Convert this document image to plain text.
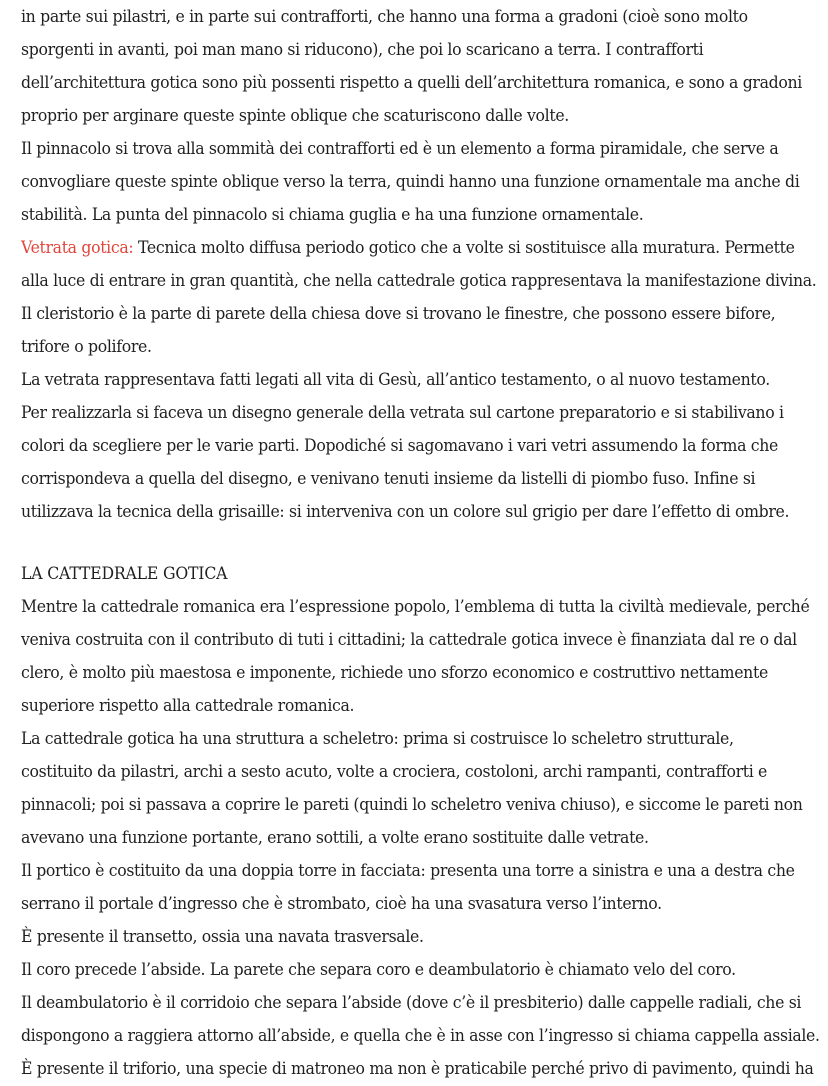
in parte sui pilastri, e in parte sui contrafforti, che hanno una forma a gradoni (cioè sono molto
sporgenti in avanti, poi man mano si riducono), che poi lo scaricano a terra. I contrafforti
dell’architettura gotica sono più possenti rispetto a quelli dell’architettura romanica, e sono a gradoni
proprio per arginare queste spinte oblique che scaturiscono dalle volte.
Il pinnacolo si trova alla sommità dei contrafforti ed è un elemento a forma piramidale, che serve a
convogliare queste spinte oblique verso la terra, quindi hanno una funzione ornamentale ma anche di
stabilità. La punta del pinnacolo si chiama guglia e ha una funzione ornamentale.
Vetrata gotica: Tecnica molto diffusa periodo gotico che a volte si sostituisce alla muratura. Permette
alla luce di entrare in gran quantità, che nella cattedrale gotica rappresentava la manifestazione divina.
Il cleristorio è la parte di parete della chiesa dove si trovano le finestre, che possono essere bifore,
trifore o polifore.
La vetrata rappresentava fatti legati all vita di Gesù, all’antico testamento, o al nuovo testamento.
Per realizzarla si faceva un disegno generale della vetrata sul cartone preparatorio e si stabilivano i
colori da scegliere per le varie parti. Dopodiché si sagomavano i vari vetri assumendo la forma che
corrispondeva a quella del disegno, e venivano tenuti insieme da listelli di piombo fuso. Infine si
utilizzava la tecnica della grisaille: si interveniva con un colore sul grigio per dare l’effetto di ombre.
LA CATTEDRALE GOTICA
Mentre la cattedrale romanica era l’espressione popolo, l’emblema di tutta la civiltà medievale, perché
veniva costruita con il contributo di tuti i cittadini; la cattedrale gotica invece è finanziata dal re o dal
clero, è molto più maestosa e imponente, richiede uno sforzo economico e costruttivo nettamente
superiore rispetto alla cattedrale romanica.
La cattedrale gotica ha una struttura a scheletro: prima si costruisce lo scheletro strutturale,
costituito da pilastri, archi a sesto acuto, volte a crociera, costoloni, archi rampanti, contrafforti e
pinnacoli; poi si passava a coprire le pareti (quindi lo scheletro veniva chiuso), e siccome le pareti non
avevano una funzione portante, erano sottili, a volte erano sostituite dalle vetrate.
Il portico è costituito da una doppia torre in facciata: presenta una torre a sinistra e una a destra che
serrano il portale d’ingresso che è strombato, cioè ha una svasatura verso l’interno.
È presente il transetto, ossia una navata trasversale.
Il coro precede l’abside. La parete che separa coro e deambulatorio è chiamato velo del coro.
Il deambulatorio è il corridoio che separa l’abside (dove c’è il presbiterio) dalle cappelle radiali, che si
dispongono a raggiera attorno all’abside, e quella che è in asse con l’ingresso si chiama cappella assiale.
È presente il triforio, una specie di matroneo ma non è praticabile perché privo di pavimento, quindi ha
